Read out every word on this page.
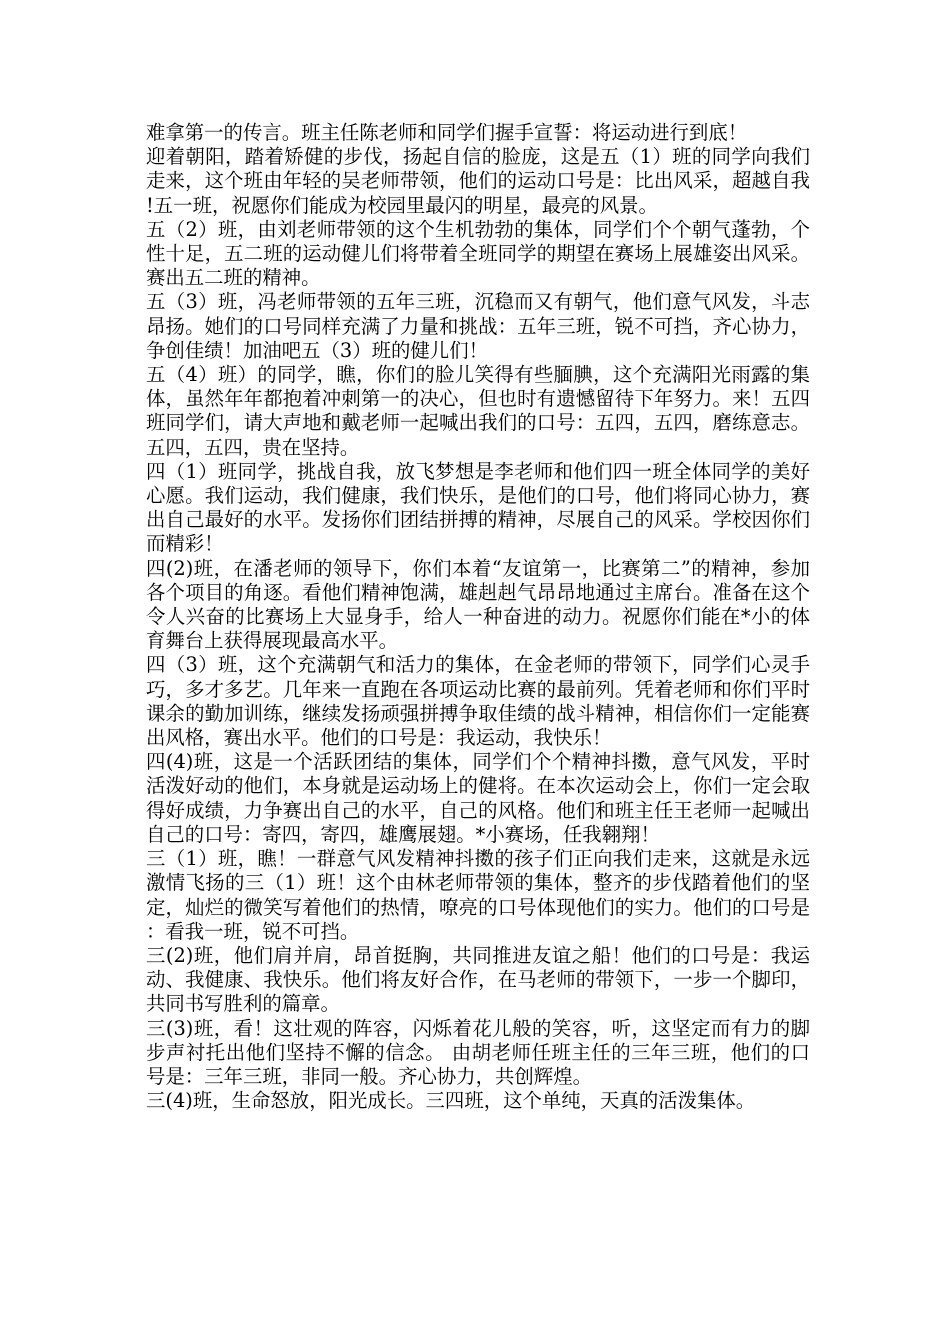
难拿第一的传言。班主任陈老师和同学们握手宣誓：将运动进行到底！

迎着朝阳，踏着矫健的步伐，扬起自信的脸庞，这是五（1）班的同学向我们走来，这个班由年轻的吴老师带领，他们的运动口号是：比出风采，超越自我!五一班，祝愿你们能成为校园里最闪的明星，最亮的风景。

五（2）班，由刘老师带领的这个生机勃勃的集体，同学们个个朝气蓬勃，个性十足，五二班的运动健儿们将带着全班同学的期望在赛场上展雄姿出风采。赛出五二班的精神。

五（3）班，冯老师带领的五年三班，沉稳而又有朝气，他们意气风发，斗志昂扬。她们的口号同样充满了力量和挑战：五年三班，锐不可挡，齐心协力，争创佳绩！加油吧五（3）班的健儿们！

五（4）班）的同学，瞧，你们的脸儿笑得有些腼腆，这个充满阳光雨露的集体，虽然年年都抱着冲刺第一的决心，但也时有遗憾留待下年努力。来！五四班同学们，请大声地和戴老师一起喊出我们的口号：五四，五四，磨练意志。五四，五四，贵在坚持。

四（1）班同学，挑战自我，放飞梦想是李老师和他们四一班全体同学的美好心愿。我们运动，我们健康，我们快乐，是他们的口号，他们将同心协力，赛出自己最好的水平。发扬你们团结拼搏的精神，尽展自己的风采。学校因你们而精彩！

四(2)班，在潘老师的领导下，你们本着“友谊第一，比赛第二”的精神，参加各个项目的角逐。看他们精神饱满，雄赳赳气昂昂地通过主席台。准备在这个令人兴奋的比赛场上大显身手，给人一种奋进的动力。祝愿你们能在*小的体育舞台上获得展现最高水平。

四（3）班，这个充满朝气和活力的集体，在金老师的带领下，同学们心灵手巧，多才多艺。几年来一直跑在各项运动比赛的最前列。凭着老师和你们平时课余的勤加训练，继续发扬顽强拼搏争取佳绩的战斗精神，相信你们一定能赛出风格，赛出水平。他们的口号是：我运动，我快乐！

四(4)班，这是一个活跃团结的集体，同学们个个精神抖擞，意气风发，平时活泼好动的他们，本身就是运动场上的健将。在本次运动会上，你们一定会取得好成绩，力争赛出自己的水平，自己的风格。他们和班主任王老师一起喊出自己的口号：寄四，寄四，雄鹰展翅。*小赛场，任我翱翔！

三（1）班，瞧！一群意气风发精神抖擞的孩子们正向我们走来，这就是永远激情飞扬的三（1）班！这个由林老师带领的集体，整齐的步伐踏着他们的坚定，灿烂的微笑写着他们的热情，嘹亮的口号体现他们的实力。他们的口号是：看我一班，锐不可挡。

三(2)班，他们肩并肩，昂首挺胸，共同推进友谊之船！他们的口号是：我运动、我健康、我快乐。他们将友好合作，在马老师的带领下，一步一个脚印，共同书写胜利的篇章。

三(3)班，看！这壮观的阵容，闪烁着花儿般的笑容，听，这坚定而有力的脚步声衬托出他们坚持不懈的信念。 由胡老师任班主任的三年三班，他们的口号是：三年三班，非同一般。齐心协力，共创辉煌。

三(4)班，生命怒放，阳光成长。三四班，这个单纯，天真的活泼集体。
